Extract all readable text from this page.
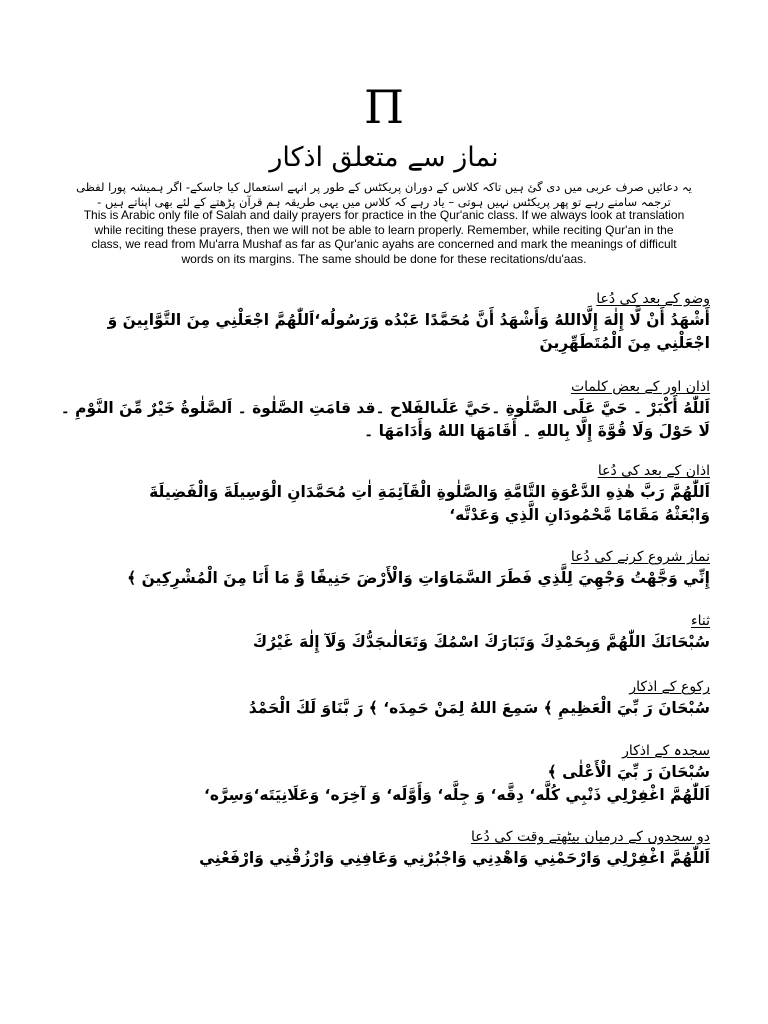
Π
نماز سے متعلق اذکار
یہ دعائیں صرف عربی میں دی گئ ہیں تاکہ کلاس کے دوران پریکٹس کے طور پر انہے استعمال کیا جاسکے- اگر ہمیشہ پورا لفظی ترجمہ سامنے رہے تو پھر پریکٹس نہیں ہوتی – یاد رہے کہ کلاس میں یہی طریقہ ہم قرآن پڑھتے کے لئے بھی اپناتے ہیں -
This is Arabic only file of Salah and daily prayers for practice in the Qur'anic class. If we always look at translation while reciting these prayers, then we will not be able to learn properly. Remember, while reciting Qur'an in the class, we read from Mu'arra Mushaf as far as Qur'anic ayahs are concerned and mark the meanings of difficult words on its margins. The same should be done for these recitations/du'aas.
وضو کے بعد کی دُعا
أَشْهَدُ أَنْ لَّا إِلٰهَ إِلَّااللهُ وَأَشْهَدُ أَنَّ مُحَمَّدًا عَبْدُه وَرَسُولُه‘اَللّٰهُمَّ اجْعَلْنِي مِنَ التَّوَّابِينَ وَ اجْعَلْنِي مِنَ الْمُتَطَهِّرِينَ
اذان اور کے بعض کلمات
اَللّٰهُ أَكْبَرْ ۔ حَيَّ عَلَى الصَّلٰوةِ ۔حَيَّ عَلَىالفَلاح ۔قد قامَتِ الصَّلٰوة ۔ اَلصَّلٰوةُ خَيْرٌ مِّنَ النَّوْمِ ۔
لَا حَوْلَ وَلَا قُوَّةَ إِلَّا بِاللهِ ۔ أَقَامَهَا اللهُ وَأَدَامَهَا ۔
اذان کے بعد کی دُعا
اَللّٰهُمَّ رَبَّ هٰذِهِ الدَّعْوَةِ التَّامَّةِ وَالصَّلٰوةِ الْقَآئِمَةِ اٰتِ مُحَمَّدَانِ الْوَسِيلَةَ وَالْفَضِيلَةَ
وَابْعَثْهُ مَقَامًا مَّحْمُودَانِ الَّذِي وَعَدْتَّه‘
نماز شروع کرنے کی دُعا
إِنِّي وَجَّهْتُ وَجْهِيَ لِلَّذِي فَطَرَ السَّمَاوَاتِ وَالْأَرْضَ حَنِيفًا وَّ مَا أَنَا مِنَ الْمُشْرِكِينَ ﴾
ثناء
سُبْحَانَكَ اللّٰهُمَّ وَبِحَمْدِكَ وَتَبَارَكَ اسْمُكَ وَتَعَالٰىجَدُّكَ وَلَآ إِلٰهَ غَيْرُكَ
رکوع کے اذکار
سُبْحَانَ رَ بِّيَ الْعَظِيمِ ﴾ سَمِعَ اللهُ لِمَنْ حَمِدَه‘ ﴾ رَ بَّنَاوَ لَكَ الْحَمْدُ
سجدہ کے اذکار
سُبْحَانَ رَ بِّيَ الْأَعْلٰى ﴾
اَللّٰهُمَّ اغْفِرْلِي ذَنْبِي كُلَّه‘ دِقَّه‘ وَ جِلَّه‘ وَأَوَّلَه‘ وَ آخِرَه‘ وَعَلَانِيَتَه‘وَسِرَّه‘
دو سجدوں کے درمیان بیٹھتے وقت کی دُعا
اَللّٰهُمَّ اغْفِرْلِي وَارْحَمْنِي وَاهْدِنِي وَاجْبُرْنِي وَعَافِنِي وَارْزُقْنِي وَارْفَعْنِي
